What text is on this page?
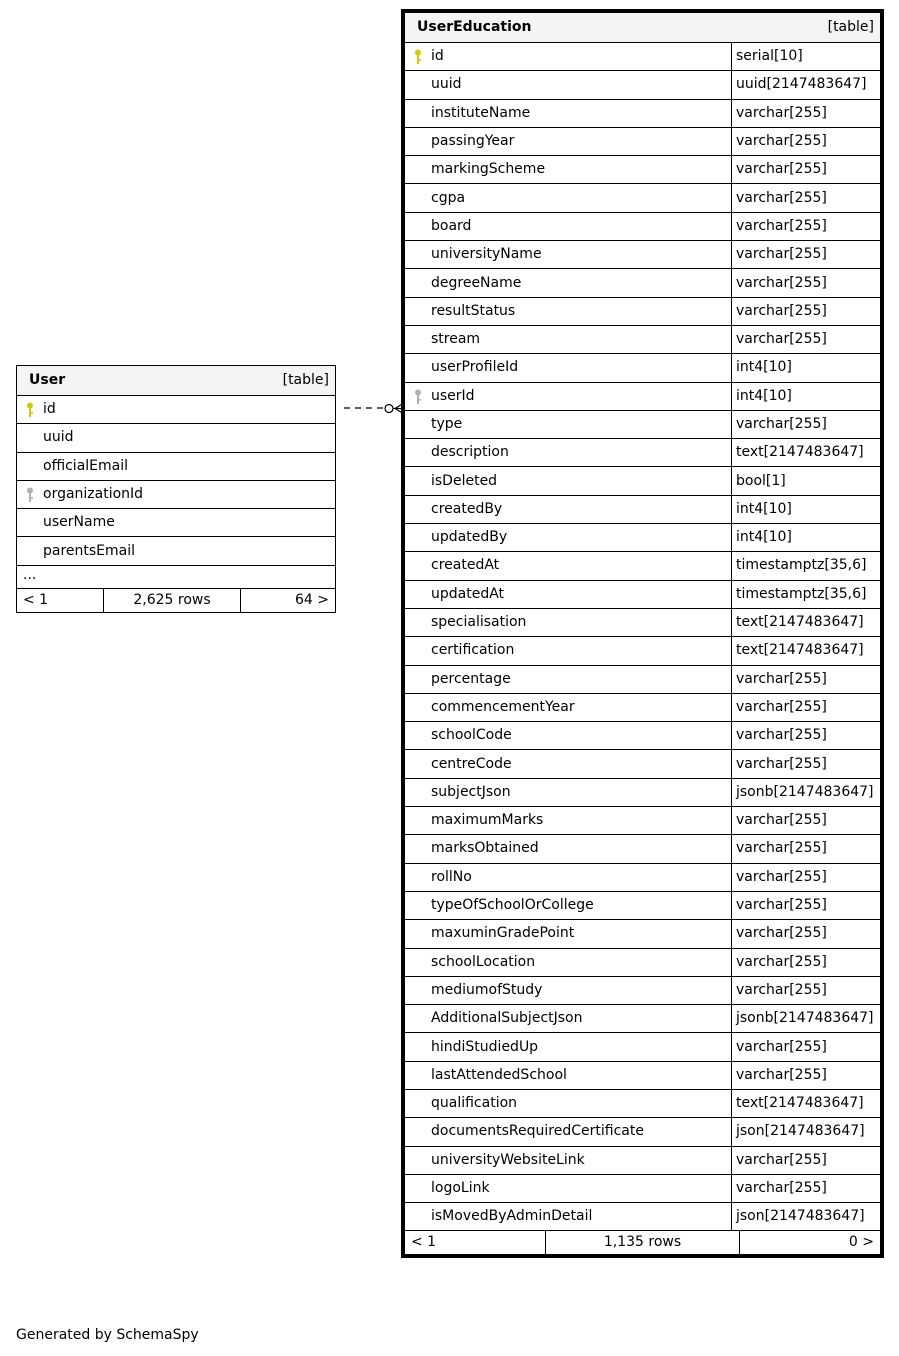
User	[table]

id
uuid
officialEmail

organizationId
userName
parentsEmail
...

< 1	2,625 rows	64 >
UserEducation	[table]

id	serial[10]
uuid	uuid[2147483647]
instituteName	varchar[255]
passingYear	varchar[255]
markingScheme	varchar[255]
cgpa	varchar[255]
board	varchar[255]
universityName	varchar[255]
degreeName	varchar[255]
resultStatus	varchar[255]
stream	varchar[255]
userProfileId	int4[10]

userId	int4[10]
type	varchar[255]
description	text[2147483647]
isDeleted	bool[1]
createdBy	int4[10]
updatedBy	int4[10]
createdAt	timestamptz[35,6]
updatedAt	timestamptz[35,6]
specialisation	text[2147483647]
certification	text[2147483647]
percentage	varchar[255]
commencementYear	varchar[255]
schoolCode	varchar[255]
centreCode	varchar[255]
subjectJson	jsonb[2147483647]
maximumMarks	varchar[255]
marksObtained	varchar[255]
rollNo	varchar[255]
typeOfSchoolOrCollege	varchar[255]
maxuminGradePoint	varchar[255]
schoolLocation	varchar[255]
mediumofStudy	varchar[255]
AdditionalSubjectJson	jsonb[2147483647]
hindiStudiedUp	varchar[255]
lastAttendedSchool	varchar[255]
qualification	text[2147483647]
documentsRequiredCertificate	json[2147483647]
universityWebsiteLink	varchar[255]
logoLink	varchar[255]
isMovedByAdminDetail	json[2147483647]

< 1	1,135 rows	0 >
Generated by SchemaSpy
